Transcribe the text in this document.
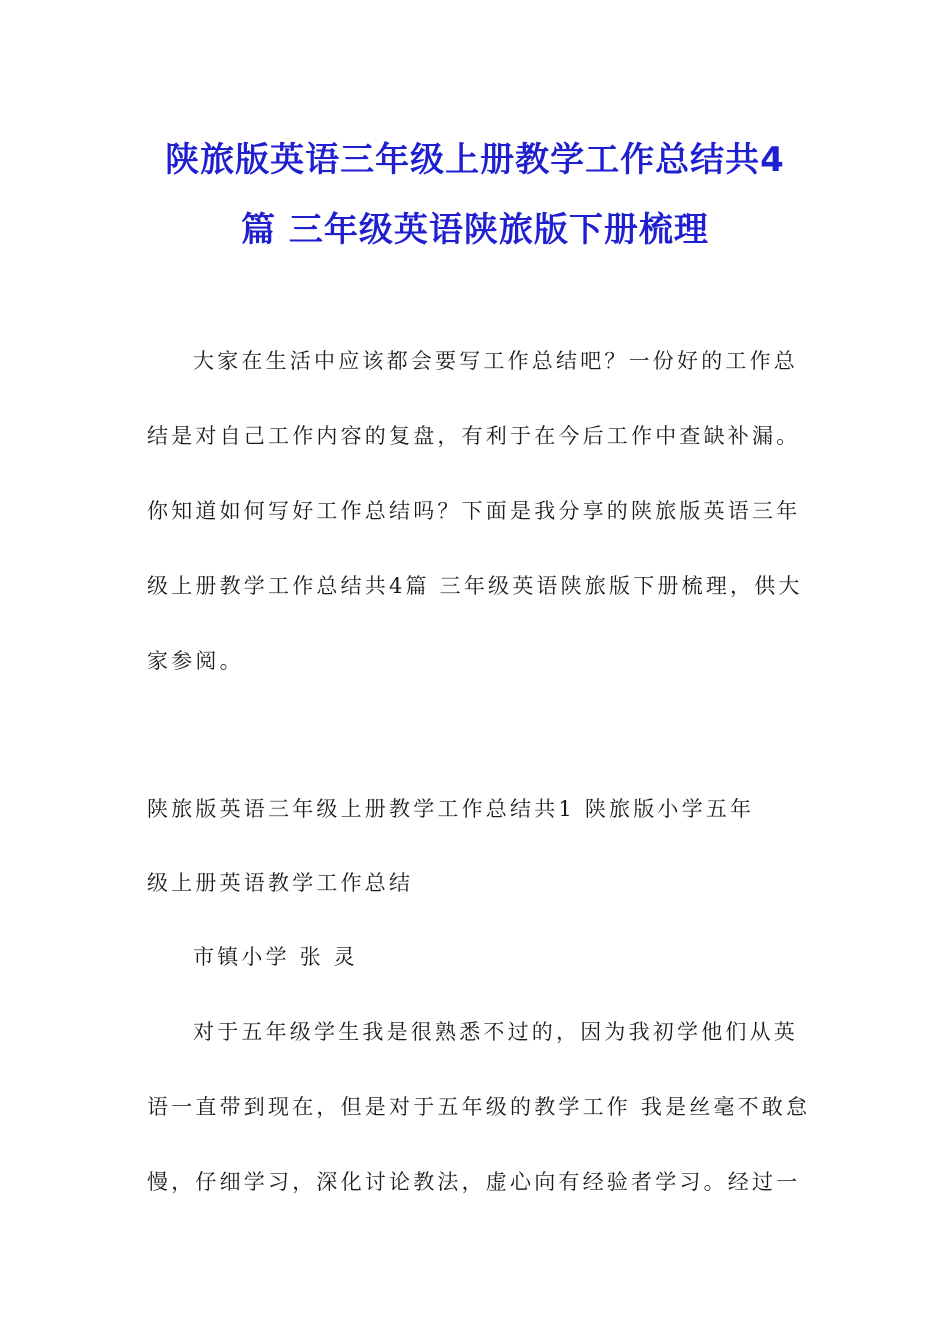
陕旅版英语三年级上册教学工作总结共4
篇 三年级英语陕旅版下册梳理
大家在生活中应该都会要写工作总结吧？一份好的工作总
结是对自己工作内容的复盘，有利于在今后工作中查缺补漏。
你知道如何写好工作总结吗？下面是我分享的陕旅版英语三年
级上册教学工作总结共4篇 三年级英语陕旅版下册梳理，供大
家参阅。
陕旅版英语三年级上册教学工作总结共1 陕旅版小学五年
级上册英语教学工作总结
市镇小学 张 灵
对于五年级学生我是很熟悉不过的，因为我初学他们从英
语一直带到现在，但是对于五年级的教学工作 我是丝毫不敢怠
慢，仔细学习，深化讨论教法，虚心向有经验者学习。经过一
